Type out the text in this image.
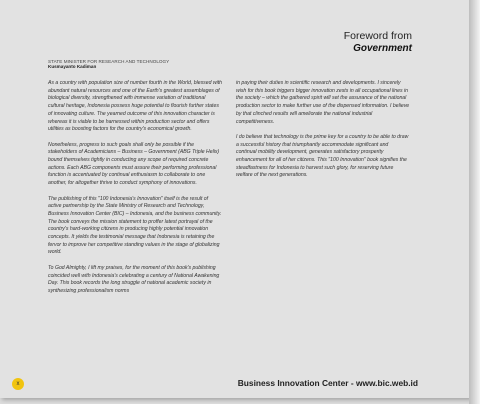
Foreword from
Government
STATE MINISTER FOR RESEARCH AND TECHNOLOGY
Kusmayanto Kadiman

As a country with population size of number fourth in the World, blessed with abundant natural resources and one of the Earth's greatest assemblages of biological diversity, strengthened with immense variation of traditional cultural heritage, Indonesia possess huge potential to flourish further states of innovating culture. The yearned outcome of this innovation character is whereas it is viable to be harnessed within production sector and offers utilities as boosting factors for the country's economical growth.

Nonetheless, progress to such goals shall only be possible if the stakeholders of Academicians – Business – Government (ABG Triple Helix) bound themselves tightly in conducting any scope of required concrete actions. Each ABG components must assure their performing professional function is accentuated by continual enthusiasm to collaborate to one another, for altogether thrive to conduct symphony of innovations.

The publishing of this "100 Indonesia's Innovation" itself is the result of active partnership by the State Ministry of Research and Technology, Business Innovation Center (BIC) – Indonesia, and the business community. The book conveys the mission statement to proffer latest portrayal of the country's hard-working citizens in producing highly potential innovation concepts. It yields the testimonial message that Indonesia is retaining the fervor to improve her competitive standing values in the stage of globalizing world.

To God Almighty, I lift my praises, for the moment of this book's publishing coincided well with Indonesia's celebrating a century of National Awakening Day. This book records the long struggle of national academic society in synthesizing professionalism norms

in paying their duties in scientific research and developments. I sincerely wish for this book triggers bigger innovation zests in all occupational lines in the society – which the gathered spirit will set the assurance of the national production sector to make further use of the dispensed information. I believe by that clinched results will ameliorate the national industrial competitiveness.

I do believe that technology is the prime key for a country to be able to draw a successful history that triumphantly accommodate significant and continual mobility development, generates satisfactory prosperity enhancement for all of her citizens. This "100 Innovation" book signifies the steadfastness for Indonesia to harvest such glory, for reserving future welfare of the next generations.

x	Business Innovation Center - www.bic.web.id
